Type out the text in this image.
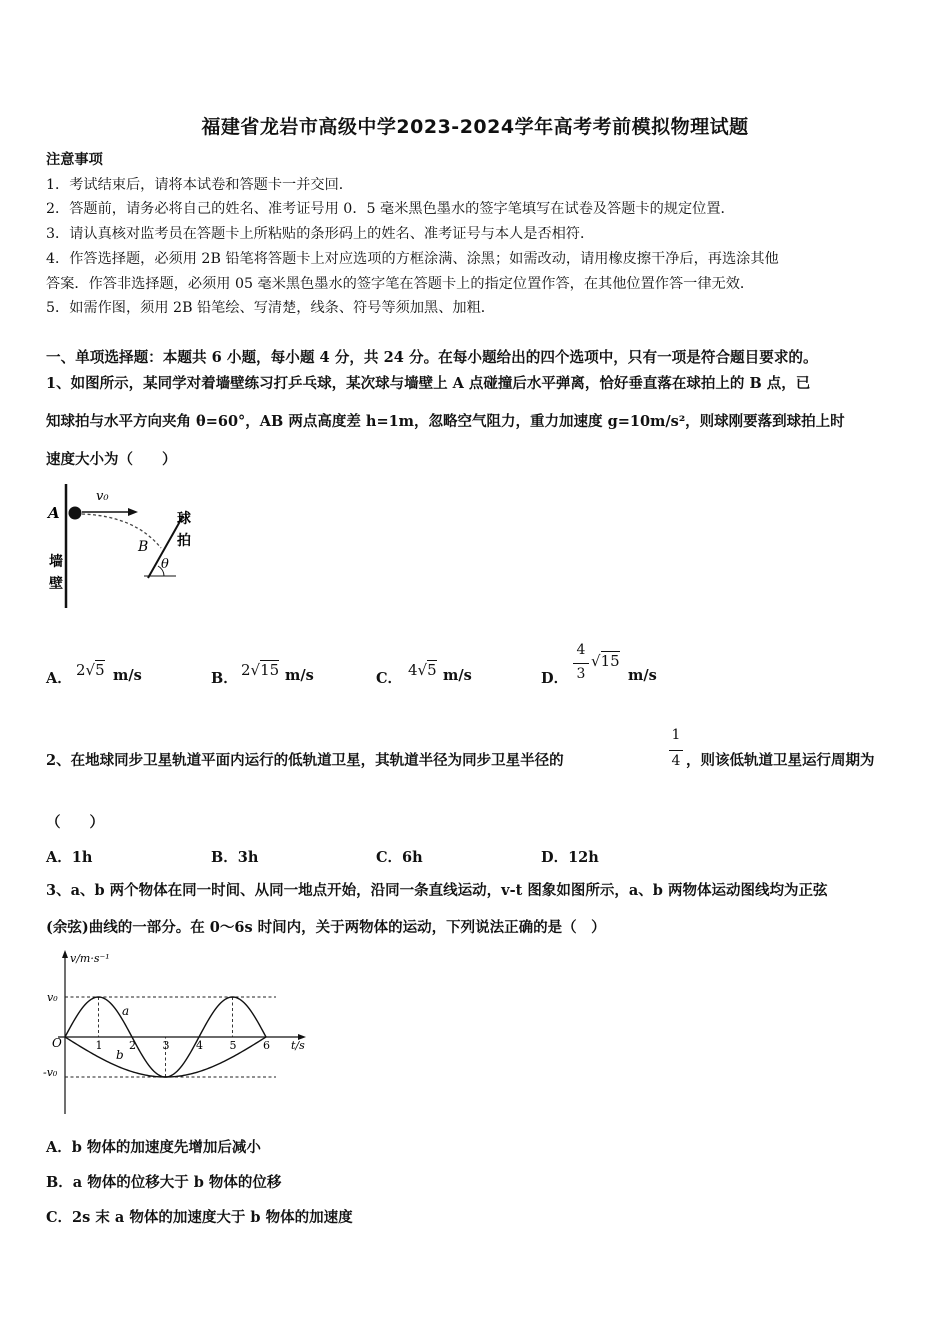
福建省龙岩市高级中学2023-2024学年高考考前模拟物理试题
注意事项
1．考试结束后，请将本试卷和答题卡一并交回．
2．答题前，请务必将自己的姓名、准考证号用 0．5 毫米黑色墨水的签字笔填写在试卷及答题卡的规定位置．
3．请认真核对监考员在答题卡上所粘贴的条形码上的姓名、准考证号与本人是否相符．
4．作答选择题，必须用 2B 铅笔将答题卡上对应选项的方框涂满、涂黑；如需改动，请用橡皮擦干净后，再选涂其他
答案．作答非选择题，必须用 05 毫米黑色墨水的签字笔在答题卡上的指定位置作答，在其他位置作答一律无效．
5．如需作图，须用 2B 铅笔绘、写清楚，线条、符号等须加黑、加粗．
一、单项选择题：本题共 6 小题，每小题 4 分，共 24 分。在每小题给出的四个选项中，只有一项是符合题目要求的。
1、如图所示，某同学对着墙壁练习打乒乓球，某次球与墙壁上 A 点碰撞后水平弹离，恰好垂直落在球拍上的 B 点，已
知球拍与水平方向夹角 θ=60°，AB 两点高度差 h=1m，忽略空气阻力，重力加速度 g=10m/s²，则球刚要落到球拍上时
速度大小为（　　）
A
v₀
B
θ
墙
壁
球
拍
A． 2√5 m/s	B． 2√15 m/s	C． 4√5 m/s	D．
4
3
√15
m/s
2、在地球同步卫星轨道平面内运行的低轨道卫星，其轨道半径为同步卫星半径的
1
4 ，则该低轨道卫星运行周期为
（　　）
A．1h	B．3h	C．6h	D．12h
3、a、b 两个物体在同一时间、从同一地点开始，沿同一条直线运动，v-t 图象如图所示，a、b 两物体运动图线均为正弦
(余弦)曲线的一部分。在 0～6s 时间内，关于两物体的运动，下列说法正确的是（　）
1 2 3 4 5 6
v/m·s⁻¹
t/s
v₀
-v₀
O
a
b
A．b 物体的加速度先增加后减小
B．a 物体的位移大于 b 物体的位移
C．2s 末 a 物体的加速度大于 b 物体的加速度
